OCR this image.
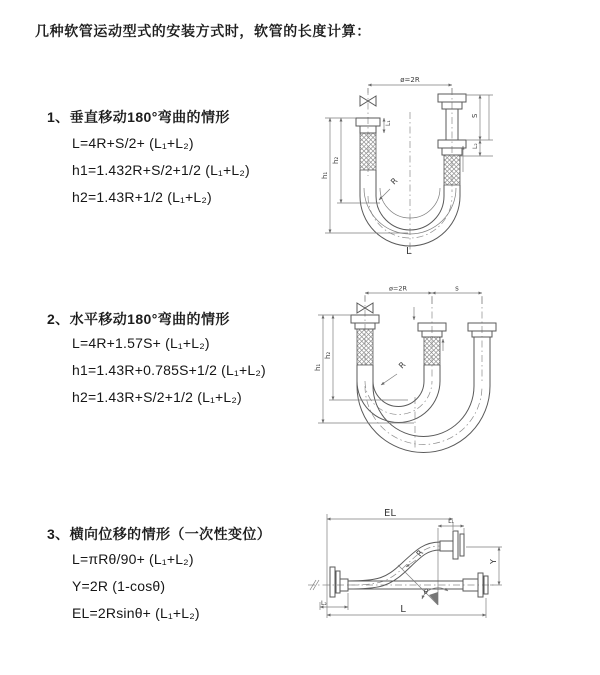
几种软管运动型式的安装方式时，软管的长度计算：
1、垂直移动180°弯曲的情形
L=4R+S/2+ (L₁+L₂)
h1=1.432R+S/2+1/2 (L₁+L₂)
h2=1.43R+1/2 (L₁+L₂)
2、水平移动180°弯曲的情形
L=4R+1.57S+ (L₁+L₂)
h1=1.43R+0.785S+1/2 (L₁+L₂)
h2=1.43R+S/2+1/2 (L₁+L₂)
3、横向位移的情形（一次性变位）
L=πRθ/90+ (L₁+L₂)
Y=2R (1-cosθ)
EL=2Rsinθ+ (L₁+L₂)
ø=2R
R
L
h₁
h₂
L₁
S
L₂
ø=2R	s
h₁
h₂
R
EL
L₁
Y
L₂
L
θ
R
